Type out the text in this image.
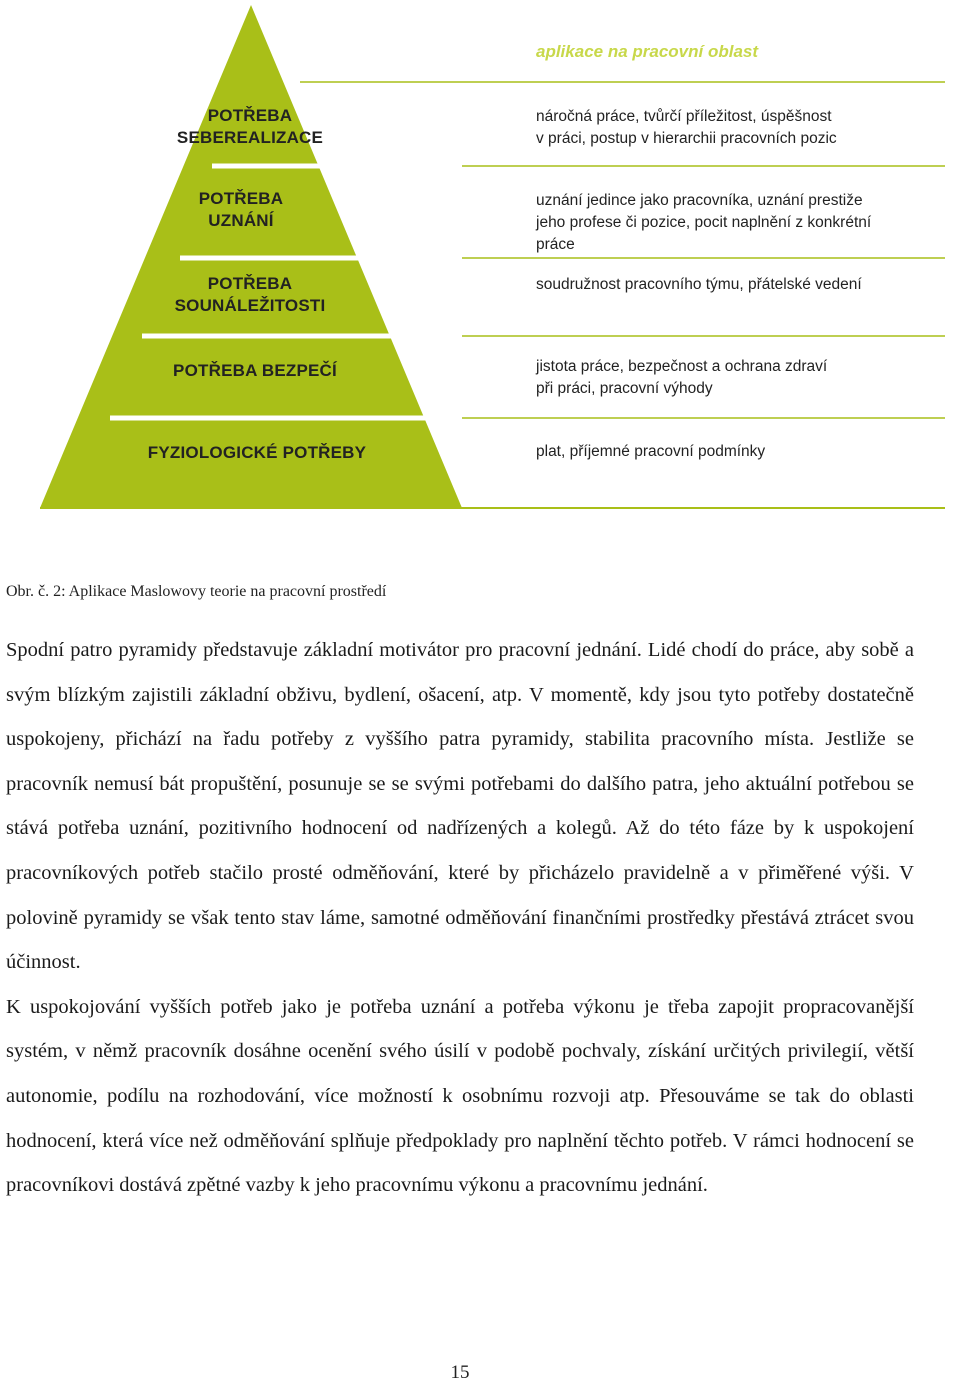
POTŘEBA
SEBEREALIZACE
POTŘEBA
UZNÁNÍ
POTŘEBA
SOUNÁLEŽITOSTI
POTŘEBA BEZPEČÍ
FYZIOLOGICKÉ POTŘEBY
aplikace na pracovní oblast
náročná práce, tvůrčí příležitost, úspěšnost
v práci, postup v hierarchii pracovních pozic
uznání jedince jako pracovníka, uznání prestiže
jeho profese či pozice, pocit naplnění z konkrétní
práce
soudružnost pracovního týmu, přátelské vedení
jistota práce, bezpečnost a ochrana zdraví
při práci, pracovní výhody
plat, příjemné pracovní podmínky
Obr. č. 2: Aplikace Maslowovy teorie na pracovní prostředí

Spodní patro pyramidy představuje základní motivátor pro pracovní jednání. Lidé chodí do práce, aby sobě a svým blízkým zajistili základní obživu, bydlení, ošacení, atp. V momentě, kdy jsou tyto potřeby dostatečně uspokojeny, přichází na řadu potřeby z vyššího patra pyramidy, stabilita pracovního místa. Jestliže se pracovník nemusí bát propuštění, posunuje se se svými potřebami do dalšího patra, jeho aktuální potřebou se stává potřeba uznání, pozitivního hodnocení od nadřízených a kolegů. Až do této fáze by k uspokojení pracovníkových potřeb stačilo prosté odměňování, které by přicházelo pravidelně a v přiměřené výši. V polovině pyramidy se však tento stav láme, samotné odměňování finančními prostředky přestává ztrácet svou účinnost.

K uspokojování vyšších potřeb jako je potřeba uznání a potřeba výkonu je třeba zapojit propracovanější systém, v němž pracovník dosáhne ocenění svého úsilí v podobě pochvaly, získání určitých privilegií, větší autonomie, podílu na rozhodování, více možností k osobnímu rozvoji atp. Přesouváme se tak do oblasti hodnocení, která více než odměňování splňuje předpoklady pro naplnění těchto potřeb. V rámci hodnocení se pracovníkovi dostává zpětné vazby k jeho pracovnímu výkonu a pracovnímu jednání.

15
